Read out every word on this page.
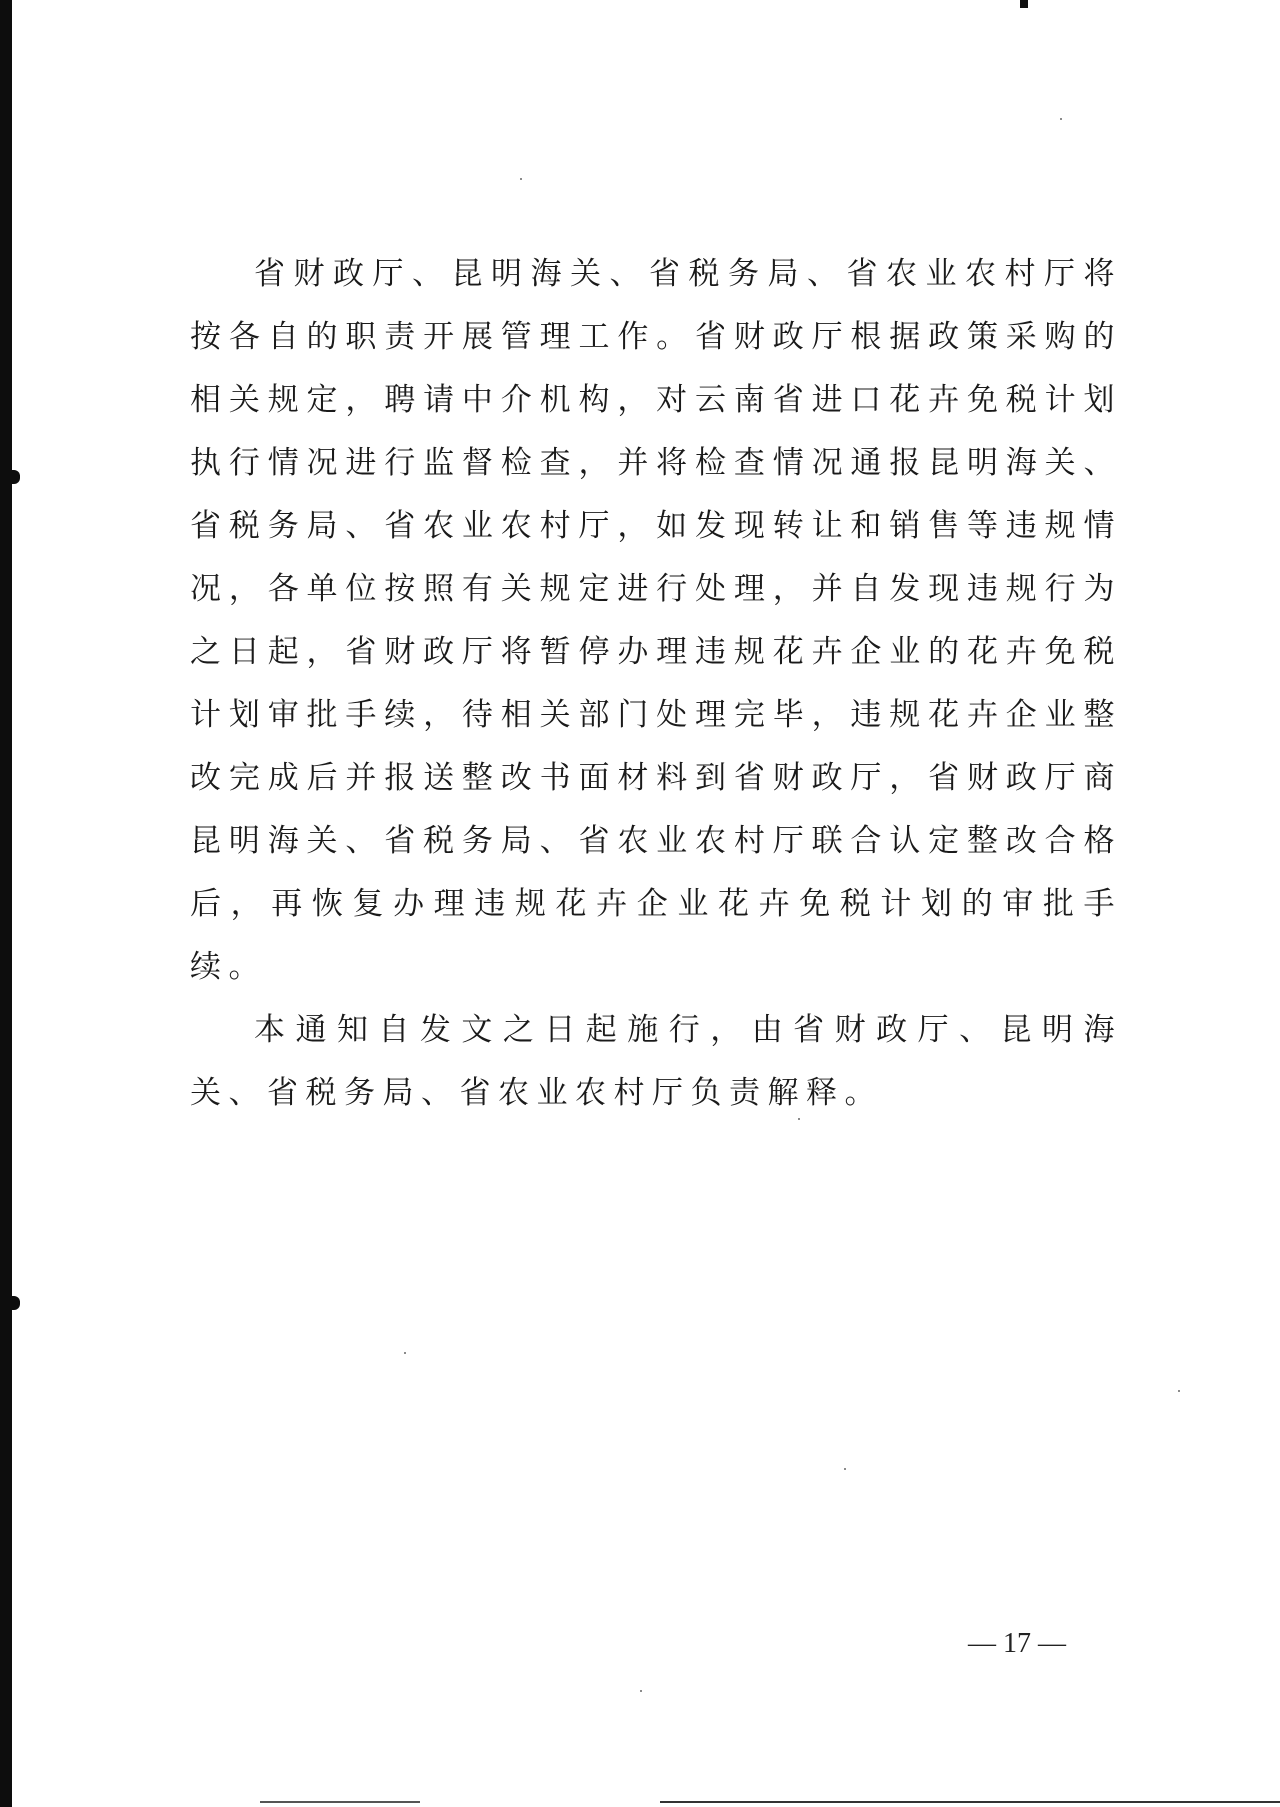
省财政厅、昆明海关、省税务局、省农业农村厅将按各自的职责开展管理工作。省财政厅根据政策采购的相关规定，聘请中介机构，对云南省进口花卉免税计划执行情况进行监督检查，并将检查情况通报昆明海关、省税务局、省农业农村厅，如发现转让和销售等违规情况，各单位按照有关规定进行处理，并自发现违规行为之日起，省财政厅将暂停办理违规花卉企业的花卉免税计划审批手续，待相关部门处理完毕，违规花卉企业整改完成后并报送整改书面材料到省财政厅，省财政厅商昆明海关、省税务局、省农业农村厅联合认定整改合格后，再恢复办理违规花卉企业花卉免税计划的审批手续。

本通知自发文之日起施行，由省财政厅、昆明海关、省税务局、省农业农村厅负责解释。

— 17 —
